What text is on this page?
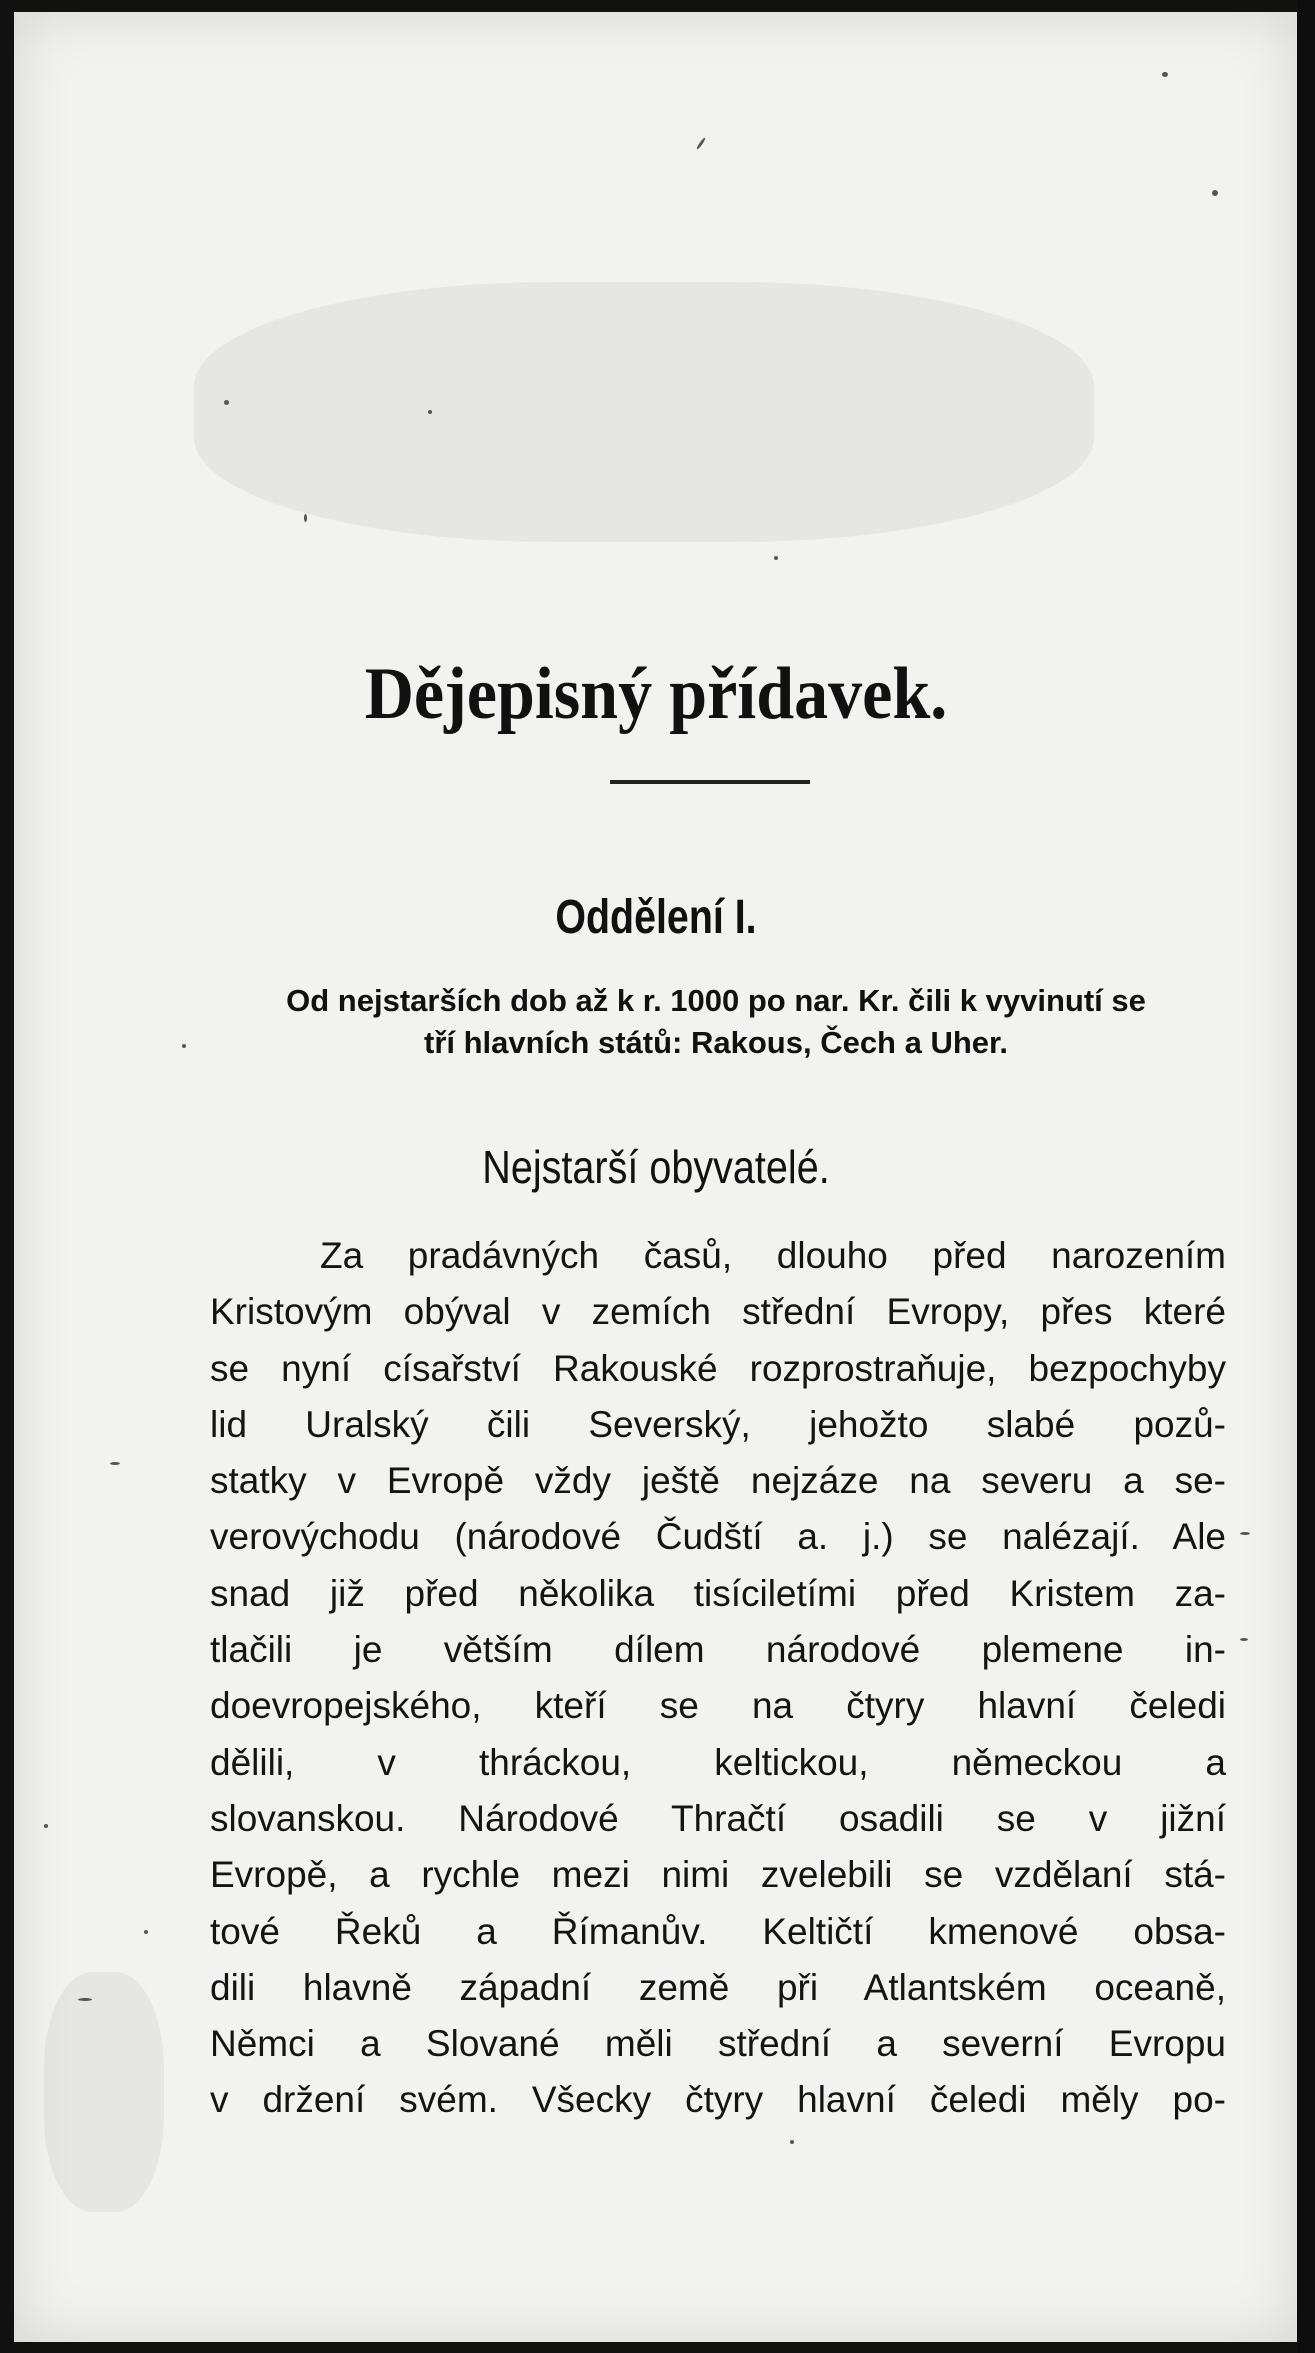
Dějepisný přídavek.
Oddělení I.
Od nejstarších dob až k r. 1000 po nar. Kr. čili k vyvinutí se
tří hlavních států: Rakous, Čech a Uher.
Nejstarší obyvatelé.
Za pradávných časů, dlouho před narozením
Kristovým obýval v zemích střední Evropy, přes které
se nyní císařství Rakouské rozprostraňuje, bezpochyby
lid Uralský čili Severský, jehožto slabé pozů-
statky v Evropě vždy ještě nejzáze na severu a se-
verovýchodu (národové Čudští a. j.) se nalézají. Ale
snad již před několika tisíciletími před Kristem za-
tlačili je větším dílem národové plemene in-
doevropejského, kteří se na čtyry hlavní čeledi
dělili, v thráckou, keltickou, německou a
slovanskou. Národové Thračtí osadili se v jižní
Evropě, a rychle mezi nimi zvelebili se vzdělaní stá-
tové Řeků a Římanův. Keltičtí kmenové obsa-
dili hlavně západní země při Atlantském oceaně,
Němci a Slované měli střední a severní Evropu
v držení svém. Všecky čtyry hlavní čeledi měly po-
